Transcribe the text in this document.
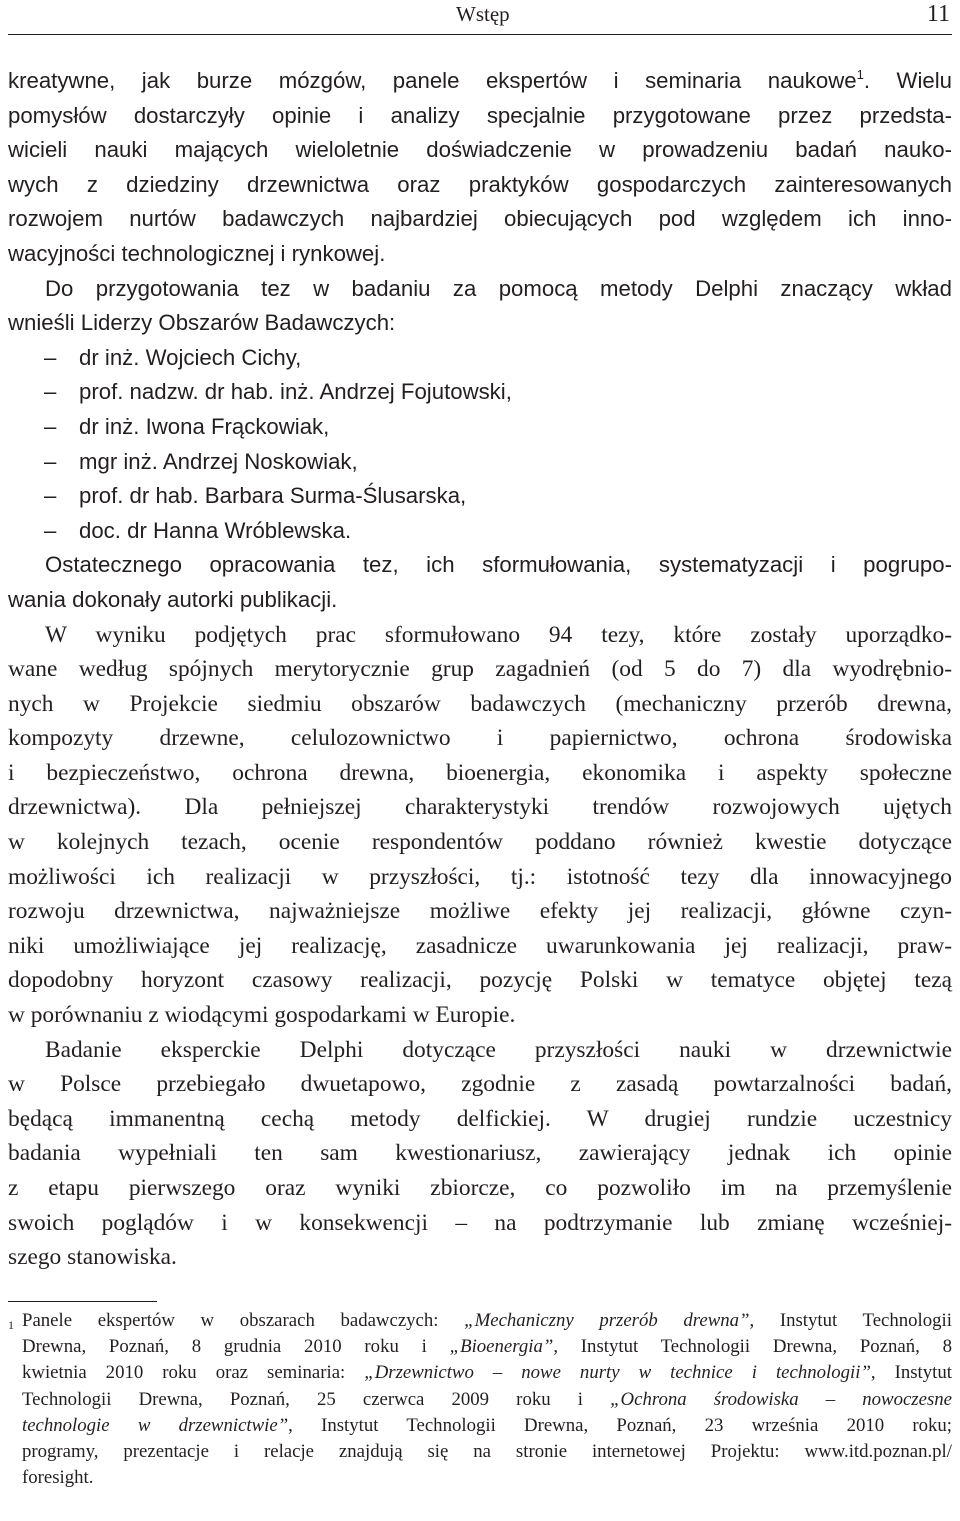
Wstęp	11

kreatywne, jak burze mózgów, panele ekspertów i seminaria naukowe$^1$. Wielu
pomysłów dostarczyły opinie i analizy specjalnie przygotowane przez przedsta-
wicieli nauki mających wieloletnie doświadczenie w prowadzeniu badań nauko-
wych z dziedziny drzewnictwa oraz praktyków gospodarczych zainteresowanych
rozwojem nurtów badawczych najbardziej obiecujących pod względem ich inno-
wacyjności technologicznej i rynkowej.

Do przygotowania tez w badaniu za pomocą metody Delphi znaczący wkład
wnieśli Liderzy Obszarów Badawczych:

– dr inż. Wojciech Cichy,
– prof. nadzw. dr hab. inż. Andrzej Fojutowski,
– dr inż. Iwona Frąckowiak,
– mgr inż. Andrzej Noskowiak,
– prof. dr hab. Barbara Surma-Ślusarska,
– doc. dr Hanna Wróblewska.

Ostatecznego opracowania tez, ich sformułowania, systematyzacji i pogrupo-
wania dokonały autorki publikacji.

W wyniku podjętych prac sformułowano 94 tezy, które zostały uporządko-
wane według spójnych merytorycznie grup zagadnień (od 5 do 7) dla wyodrębnio-
nych w Projekcie siedmiu obszarów badawczych (mechaniczny przerób drewna,
kompozyty drzewne, celulozownictwo i papiernictwo, ochrona środowiska
i bezpieczeństwo, ochrona drewna, bioenergia, ekonomika i aspekty społeczne
drzewnictwa). Dla pełniejszej charakterystyki trendów rozwojowych ujętych
w kolejnych tezach, ocenie respondentów poddano również kwestie dotyczące
możliwości ich realizacji w przyszłości, tj.: istotność tezy dla innowacyjnego
rozwoju drzewnictwa, najważniejsze możliwe efekty jej realizacji, główne czyn-
niki umożliwiające jej realizację, zasadnicze uwarunkowania jej realizacji, praw-
dopodobny horyzont czasowy realizacji, pozycję Polski w tematyce objętej tezą
w porównaniu z wiodącymi gospodarkami w Europie.

Badanie eksperckie Delphi dotyczące przyszłości nauki w drzewnictwie
w Polsce przebiegało dwuetapowo, zgodnie z zasadą powtarzalności badań,
będącą immanentną cechą metody delfickiej. W drugiej rundzie uczestnicy
badania wypełniali ten sam kwestionariusz, zawierający jednak ich opinie
z etapu pierwszego oraz wyniki zbiorcze, co pozwoliło im na przemyślenie
swoich poglądów i w konsekwencji – na podtrzymanie lub zmianę wcześniej-
szego stanowiska.

1 Panele ekspertów w obszarach badawczych: „Mechaniczny przerób drewna”, Instytut Technologii
Drewna, Poznań, 8 grudnia 2010 roku i „Bioenergia”, Instytut Technologii Drewna, Poznań, 8
kwietnia 2010 roku oraz seminaria: „Drzewnictwo – nowe nurty w technice i technologii”, Instytut
Technologii Drewna, Poznań, 25 czerwca 2009 roku i „Ochrona środowiska – nowoczesne
technologie w drzewnictwie”, Instytut Technologii Drewna, Poznań, 23 września 2010 roku;
programy, prezentacje i relacje znajdują się na stronie internetowej Projektu: www.itd.poznan.pl/
foresight.
